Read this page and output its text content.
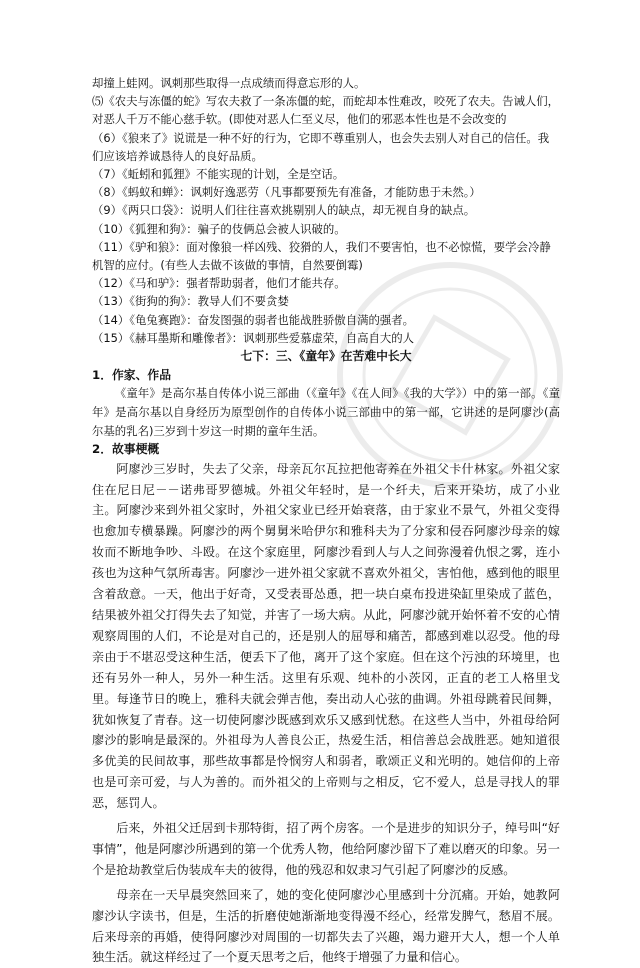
却撞上蛙网。讽刺那些取得一点成绩而得意忘形的人。

⑸《农夫与冻僵的蛇》写农夫救了一条冻僵的蛇，而蛇却本性难改，咬死了农夫。告诫人们，对恶人千万不能心慈手软。(即使对恶人仁至义尽，他们的邪恶本性也是不会改变的

（6）《狼来了》说谎是一种不好的行为，它即不尊重别人，也会失去别人对自己的信任。我们应该培养诚恳待人的良好品质。

（7）《蚯蚓和狐狸》不能实现的计划，全是空话。

（8）《蚂蚁和蝉》：讽刺好逸恶劳（凡事都要预先有准备，才能防患于未然。）

（9）《两只口袋》：说明人们往往喜欢挑剔别人的缺点，却无视自身的缺点。

（10）《狐狸和狗》：骗子的伎俩总会被人识破的。

（11）《驴和狼》：面对像狼一样凶残、狡猾的人，我们不要害怕，也不必惊慌，要学会冷静机智的应付。(有些人去做不该做的事情，自然要倒霉)

（12）《马和驴》：强者帮助弱者，他们才能共存。

（13）《街狗的狗》：教导人们不要贪婪

（14）《龟兔赛跑》：奋发图强的弱者也能战胜骄傲自满的强者。

（15）《赫耳墨斯和雕像者》：讽刺那些爱慕虚荣，自高自大的人

七下：三、《童年》在苦难中长大

1．作家、作品

《童年》是高尔基自传体小说三部曲（《童年》《在人间》《我的大学》）中的第一部。《童年》是高尔基以自身经历为原型创作的自传体小说三部曲中的第一部，它讲述的是阿廖沙(高尔基的乳名)三岁到十岁这一时期的童年生活。

2．故事梗概

阿廖沙三岁时，失去了父亲，母亲瓦尔瓦拉把他寄养在外祖父卡什林家。外祖父家住在尼日尼－－诺弗哥罗德城。外祖父年轻时，是一个纤夫，后来开染坊，成了小业主。阿廖沙来到外祖父家时，外祖父家业已经开始衰落，由于家业不景气，外祖父变得也愈加专横暴躁。阿廖沙的两个舅舅米哈伊尔和雅科夫为了分家和侵吞阿廖沙母亲的嫁妆而不断地争吵、斗殴。在这个家庭里，阿廖沙看到人与人之间弥漫着仇恨之雾，连小孩也为这种气氛所毒害。阿廖沙一进外祖父家就不喜欢外祖父，害怕他，感到他的眼里含着敌意。一天，他出于好奇，又受表哥怂恿，把一块白桌布投进染缸里染成了蓝色，结果被外祖父打得失去了知觉，并害了一场大病。从此，阿廖沙就开始怀着不安的心情观察周围的人们，不论是对自己的，还是别人的屈辱和痛苦，都感到难以忍受。他的母亲由于不堪忍受这种生活，便丢下了他，离开了这个家庭。但在这个污浊的环境里，也还有另外一种人，另外一种生活。这里有乐观、纯朴的小茨冈，正直的老工人格里戈里。每逢节日的晚上，雅科夫就会弹吉他，奏出动人心弦的曲调。外祖母跳着民间舞，犹如恢复了青春。这一切使阿廖沙既感到欢乐又感到忧愁。在这些人当中，外祖母给阿廖沙的影响是最深的。外祖母为人善良公正，热爱生活，相信善总会战胜恶。她知道很多优美的民间故事，那些故事都是怜悯穷人和弱者，歌颂正义和光明的。她信仰的上帝也是可亲可爱，与人为善的。而外祖父的上帝则与之相反，它不爱人，总是寻找人的罪恶，惩罚人。

后来，外祖父迁居到卡那特街，招了两个房客。一个是进步的知识分子，绰号叫“好事情”，他是阿廖沙所遇到的第一个优秀人物，他给阿廖沙留下了难以磨灭的印象。另一个是抢劫教堂后伪装成车夫的彼得，他的残忍和奴隶习气引起了阿廖沙的反感。

母亲在一天早晨突然回来了，她的变化使阿廖沙心里感到十分沉痛。开始，她教阿廖沙认字读书，但是，生活的折磨使她渐渐地变得漫不经心，经常发脾气，愁眉不展。后来母亲的再婚，使得阿廖沙对周围的一切都失去了兴趣，竭力避开大人，想一个人单独生活。就这样经过了一个夏天思考之后，他终于增强了力量和信心。
